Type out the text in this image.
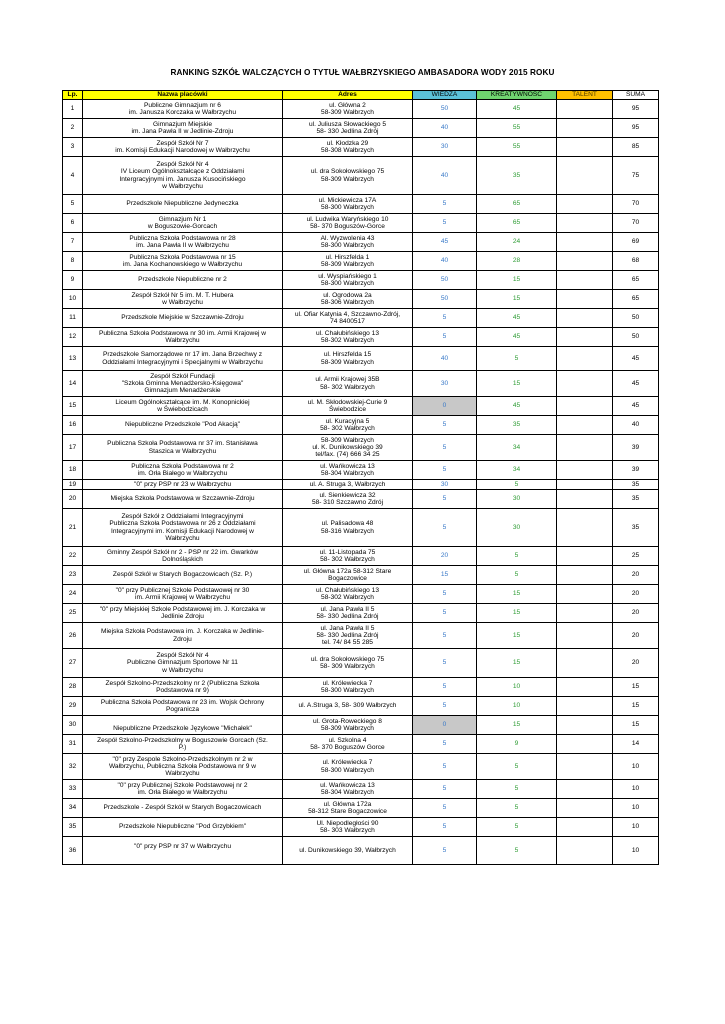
RANKING SZKÓŁ WALCZĄCYCH O TYTUŁ WAŁBRZYSKIEGO AMBASADORA WODY 2015 ROKU
Lp.	Nazwa placówki	Adres	WIEDZA	KREATYWNOŚĆ	TALENT	SUMA
1	Publiczne Gimnazjum nr 6
im. Janusza Korczaka w Wałbrzychu	ul. Główna 2
58-309 Wałbrzych	50	45		95
2	Gimnazjum Miejskie
im. Jana Pawła II w Jedlinie-Zdroju	ul. Juliusza Słowackiego 5
58- 330 Jedlina Zdrój	40	55		95
3	Zespół Szkół Nr 7
im. Komisji Edukacji Narodowej w Wałbrzychu	ul. Kłodzka 29
58-308 Wałbrzych	30	55		85
4	Zespół Szkół Nr 4
IV Liceum Ogólnokształcące z Oddziałami
Intergracyjnymi im. Janusza Kusocińskiego
w Wałbrzychu	ul. dra Sokołowskiego 75
58-309 Wałbrzych	40	35		75
5	Przedszkole Niepubliczne Jedyneczka	ul. Mickiewicza 17A
58-300 Wałbrzych	5	65		70
6	Gimnazjum Nr 1
w Boguszowie-Gorcach	ul. Ludwika Waryńskiego 10
58- 370 Boguszów-Gorce	5	65		70
7	Publiczna Szkoła Podstawowa nr 28
im. Jana Pawła II w Wałbrzychu	Al. Wyzwolenia 43
58-300 Wałbrzych	45	24		69
8	Publiczna Szkoła Podstawowa nr 15
im. Jana Kochanowskiego w Wałbrzychu	ul. Hirszfelda 1
58-309 Wałbrzych	40	28		68
9	Przedszkole Niepubliczne nr 2	ul. Wyspiańskiego 1
58-300 Wałbrzych	50	15		65
10	Zespół Szkół Nr 5 im. M. T. Hubera
w Wałbrzychu	ul. Ogrodowa 2a
58-306 Wałbrzych	50	15		65
11	Przedszkole Miejskie w Szczawnie-Zdroju	ul. Ofiar Katynia 4, Szczawno-Zdrój,
74 8400517	5	45		50
12	Publiczna Szkoła Podstawowa nr 30 im. Armii Krajowej w
Wałbrzychu	ul. Chałubińskiego 13
58-302 Wałbrzych	5	45		50
13	Przedszkole Samorządowe nr 17 im. Jana Brzechwy z
Oddziałami Integracyjnymi i Specjalnymi w Wałbrzychu	ul. Hirszfelda 15
58-309 Wałbrzych	40	5		45
14	Zespół Szkół Fundacji
"Szkoła Gminna Menadżersko-Księgowa"
Gimnazjum Menadżerskie	ul. Armii Krajowej 35B
58- 302 Wałbrzych	30	15		45
15	Liceum Ogólnokształcące im. M. Konopnickiej
w Świebodzicach	ul. M. Skłodowskiej-Curie 9
Świebodzice	0	45		45
16	Niepubliczne Przedszkole "Pod Akacją"	ul. Kuracyjna 5
58- 302 Wałbrzych	5	35		40
17	Publiczna Szkoła Podstawowa nr 37 im. Stanisława
Staszica w Wałbrzychu	58-309 Wałbrzych
ul. K. Dunikowskiego 39
tel/fax. (74) 666 34 25	5	34		39
18	Publiczna Szkoła Podstawowa nr 2
im. Orła Białego w Wałbrzychu	ul. Wańkowicza 13
58-304 Wałbrzych	5	34		39
19	"0" przy PSP nr 23 w Wałbrzychu	ul. A. Struga 3, Wałbrzych	30	5		35
20	Miejska Szkoła Podstawowa w Szczawnie-Zdroju	ul. Sienkiewicza 32
58- 310 Szczawno Zdrój	5	30		35
21	Zespół Szkół z Oddziałami Integracyjnymi
Publiczna Szkoła Podstawowa nr 26 z Oddziałami
Integracyjnymi im. Komisji Edukacji Narodowej w
Wałbrzychu	ul. Palisadowa 48
58-316 Wałbrzych	5	30		35
22	Gminny Zespół Szkół nr 2 - PSP nr 22 im. Gwarków
Dolnośląskich	ul. 11-Listopada 75
58- 302 Wałbrzych	20	5		25
23	Zespół Szkół w Starych Bogaczowicach (Sz. P.)	ul. Główna 172a 58-312 Stare
Bogaczowice	15	5		20
24	"0" przy Publicznej Szkole Podstawowej nr 30
im. Armii Krajowej w Wałbrzychu	ul. Chałubińskiego 13
58-302 Wałbrzych	5	15		20
25	"0" przy Miejskiej Szkole Podstawowej im. J. Korczaka w
Jedlinie Zdroju	ul. Jana Pawła II 5
58- 330 Jedlina Zdrój	5	15		20
26	Miejska Szkoła Podstawowa im. J. Korczaka w Jedlinie-
Zdroju	ul. Jana Pawła II 5
58- 330 Jedlina Zdrój
tel. 74/ 84 55 285	5	15		20
27	Zespół Szkół Nr 4
Publiczne Gimnazjum Sportowe Nr 11
w Wałbrzychu	ul. dra Sokołowskiego 75
58- 309 Wałbrzych	5	15		20
28	Zespół Szkolno-Przedszkolny nr 2 (Publiczna Szkoła
Podstawowa nr 9)	ul. Królewiecka 7
58-300 Wałbrzych	5	10		15
29	Publiczna Szkoła Podstawowa nr 23 im. Wojsk Ochrony
Pogranicza	ul. A.Struga 3, 58- 309 Wałbrzych	5	10		15
30	Niepubliczne Przedszkole Językowe "Michałek"	ul. Grota-Roweckiego 8
58-309 Wałbrzych	0	15		15
31	Zespół Szkolno-Przedszkolny w Boguszowie Gorcach (Sz.
P.)	ul. Szkolna 4
58- 370 Boguszów Gorce	5	9		14
32	"0" przy Zespole Szkolno-Przedszkolnym nr 2 w
Wałbrzychu, Publiczna Szkoła Podstawowa nr 9 w
Wałbrzychu	ul. Królewiecka 7
58-300 Wałbrzych	5	5		10
33	"0" przy Publicznej Szkole Podstawowej nr 2
im. Orła Białego w Wałbrzychu	ul. Wańkowicza 13
58-304 Wałbrzych	5	5		10
34	Przedszkole - Zespół Szkół w Starych Bogaczowicach	ul. Główna 172a
58-312 Stare Bogaczowice	5	5		10
35	Przedszkole Niepubliczne "Pod Grzybkiem"	Ul. Niepodległości 90
58- 303 Wałbrzych	5	5		10
36	"0" przy PSP nr 37 w Wałbrzychu	ul. Dunikowskiego 39, Wałbrzych	5	5		10
